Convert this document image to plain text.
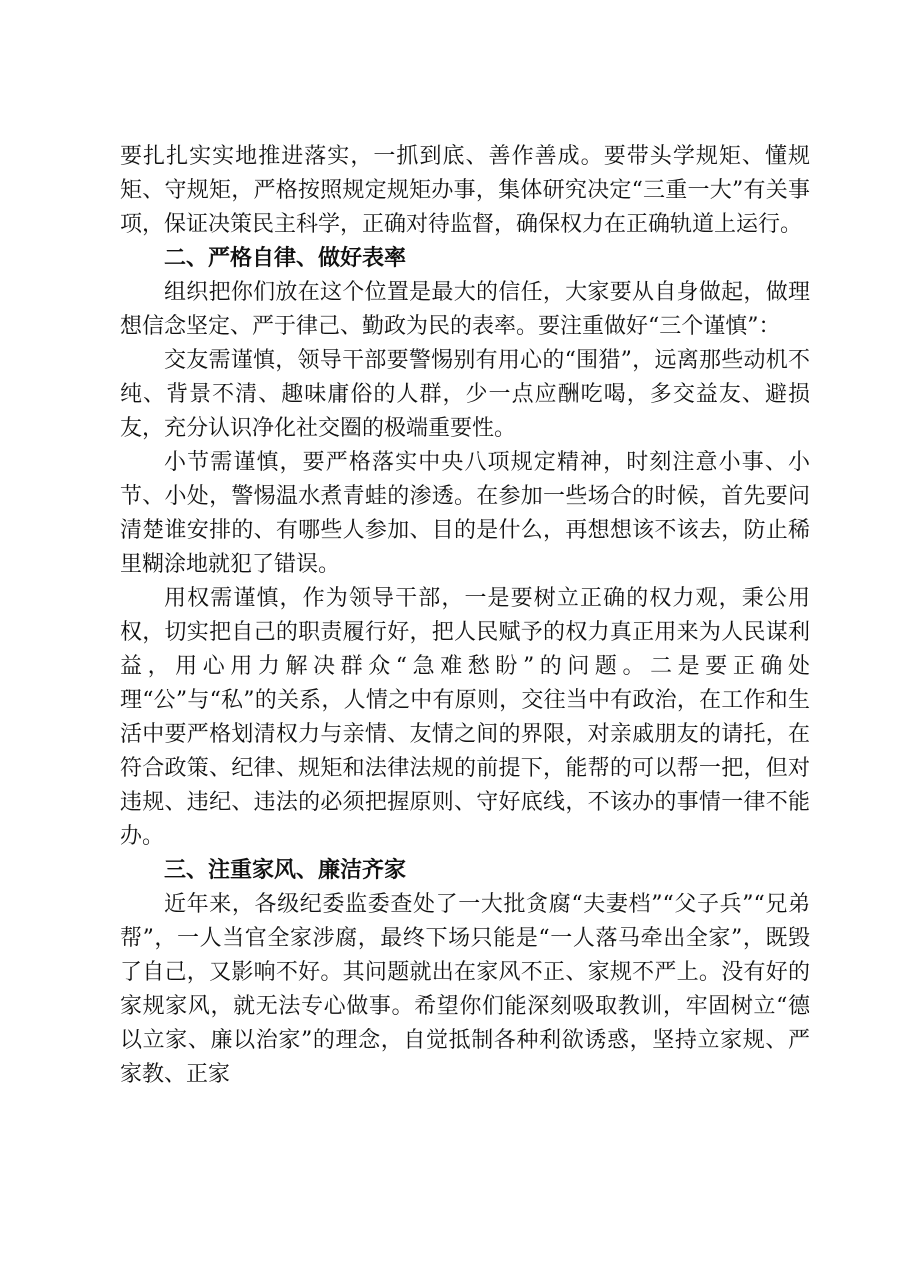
要扎扎实实地推进落实，一抓到底、善作善成。要带头学规矩、懂规矩、守规矩，严格按照规定规矩办事，集体研究决定“三重一大”有关事项，保证决策民主科学，正确对待监督，确保权力在正确轨道上运行。

二、严格自律、做好表率

组织把你们放在这个位置是最大的信任，大家要从自身做起，做理想信念坚定、严于律己、勤政为民的表率。要注重做好“三个谨慎”：

交友需谨慎，领导干部要警惕别有用心的“围猎”，远离那些动机不纯、背景不清、趣味庸俗的人群，少一点应酬吃喝，多交益友、避损友，充分认识净化社交圈的极端重要性。

小节需谨慎，要严格落实中央八项规定精神，时刻注意小事、小节、小处，警惕温水煮青蛙的渗透。在参加一些场合的时候，首先要问清楚谁安排的、有哪些人参加、目的是什么，再想想该不该去，防止稀里糊涂地就犯了错误。

用权需谨慎，作为领导干部，一是要树立正确的权力观，秉公用权，切实把自己的职责履行好，把人民赋予的权力真正用来为人民谋利益，用心用力解决群众“急难愁盼”的问题。二是要正确处理“公”与“私”的关系，人情之中有原则，交往当中有政治，在工作和生活中要严格划清权力与亲情、友情之间的界限，对亲戚朋友的请托，在符合政策、纪律、规矩和法律法规的前提下，能帮的可以帮一把，但对违规、违纪、违法的必须把握原则、守好底线，不该办的事情一律不能办。

三、注重家风、廉洁齐家

近年来，各级纪委监委查处了一大批贪腐“夫妻档”“父子兵”“兄弟帮”，一人当官全家涉腐，最终下场只能是“一人落马牵出全家”，既毁了自己，又影响不好。其问题就出在家风不正、家规不严上。没有好的家规家风，就无法专心做事。希望你们能深刻吸取教训，牢固树立“德以立家、廉以治家”的理念，自觉抵制各种利欲诱惑，坚持立家规、严家教、正家
